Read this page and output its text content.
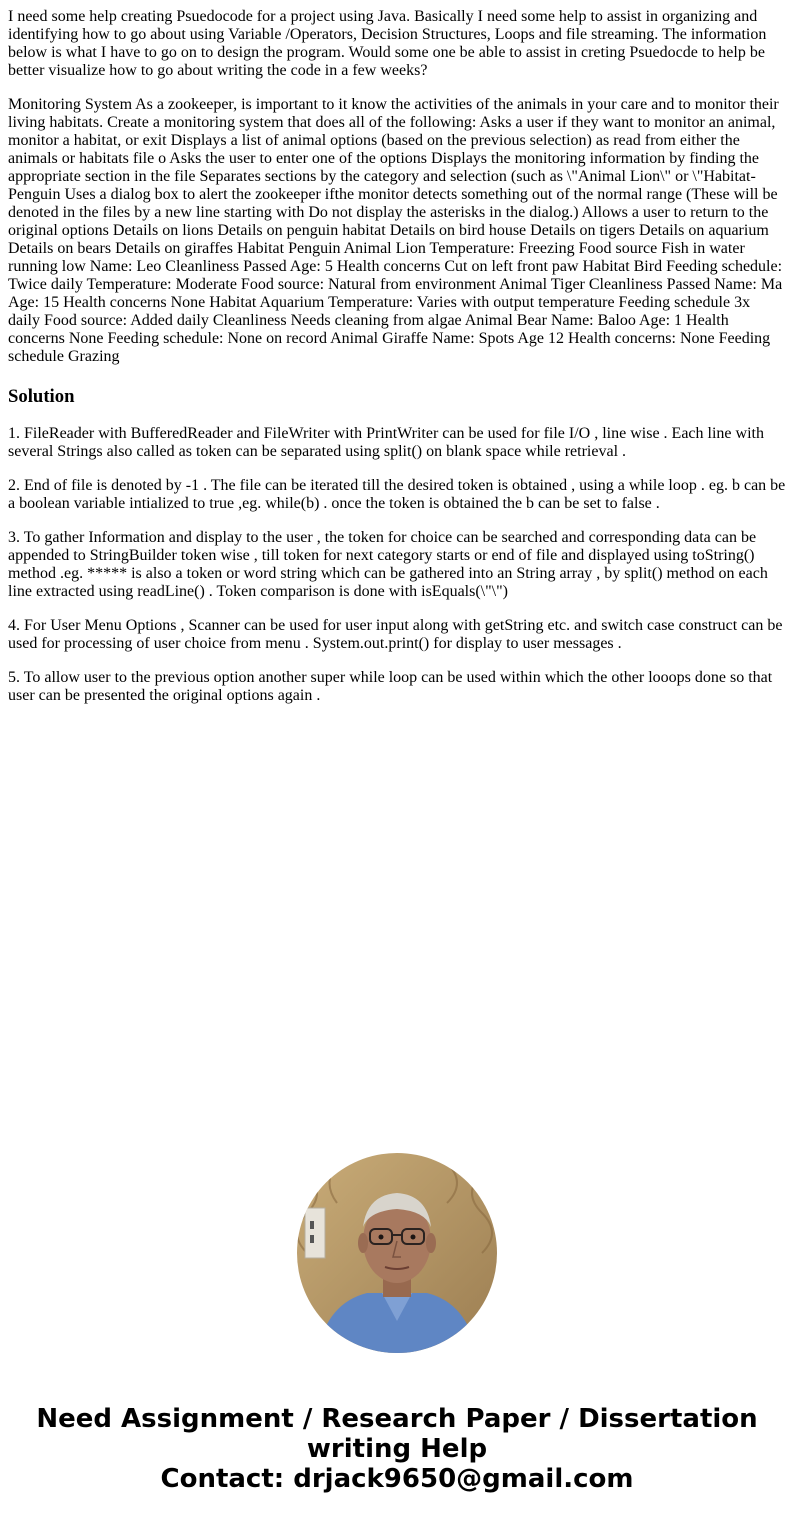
I need some help creating Psuedocode for a project using Java. Basically I need some help to assist in organizing and identifying how to go about using Variable /Operators, Decision Structures, Loops and file streaming. The information below is what I have to go on to design the program. Would some one be able to assist in creting Psuedocde to help be better visualize how to go about writing the code in a few weeks?

Monitoring System As a zookeeper, is important to it know the activities of the animals in your care and to monitor their living habitats. Create a monitoring system that does all of the following: Asks a user if they want to monitor an animal, monitor a habitat, or exit Displays a list of animal options (based on the previous selection) as read from either the animals or habitats file o Asks the user to enter one of the options Displays the monitoring information by finding the appropriate section in the file Separates sections by the category and selection (such as \"Animal Lion\" or \"Habitat-Penguin Uses a dialog box to alert the zookeeper ifthe monitor detects something out of the normal range (These will be denoted in the files by a new line starting with Do not display the asterisks in the dialog.) Allows a user to return to the original options Details on lions Details on penguin habitat Details on bird house Details on tigers Details on aquarium Details on bears Details on giraffes Habitat Penguin Animal Lion Temperature: Freezing Food source Fish in water running low Name: Leo Cleanliness Passed Age: 5 Health concerns Cut on left front paw Habitat Bird Feeding schedule: Twice daily Temperature: Moderate Food source: Natural from environment Animal Tiger Cleanliness Passed Name: Ma Age: 15 Health concerns None Habitat Aquarium Temperature: Varies with output temperature Feeding schedule 3x daily Food source: Added daily Cleanliness Needs cleaning from algae Animal Bear Name: Baloo Age: 1 Health concerns None Feeding schedule: None on record Animal Giraffe Name: Spots Age 12 Health concerns: None Feeding schedule Grazing

Solution

1. FileReader with BufferedReader and FileWriter with PrintWriter can be used for file I/O , line wise . Each line with several Strings also called as token can be separated using split() on blank space while retrieval .

2. End of file is denoted by -1 . The file can be iterated till the desired token is obtained , using a while loop . eg. b can be a boolean variable intialized to true ,eg. while(b) . once the token is obtained the b can be set to false .

3. To gather Information and display to the user , the token for choice can be searched and corresponding data can be appended to StringBuilder token wise , till token for next category starts or end of file and displayed using toString() method .eg. ***** is also a token or word string which can be gathered into an String array , by split() method on each line extracted using readLine() . Token comparison is done with isEquals(\"\")

4. For User Menu Options , Scanner can be used for user input along with getString etc. and switch case construct can be used for processing of user choice from menu . System.out.print() for display to user messages .

5. To allow user to the previous option another super while loop can be used within which the other looops done so that user can be presented the original options again .

Need Assignment / Research Paper / Dissertation
writing Help
Contact: drjack9650@gmail.com
